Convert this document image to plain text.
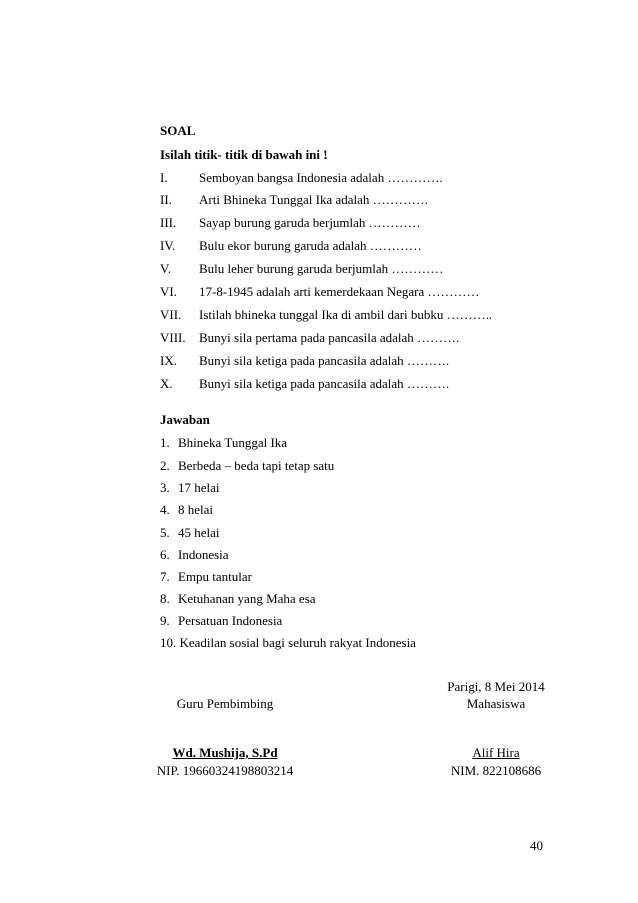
SOAL
Isilah titik- titik di bawah ini !
I. Semboyan bangsa Indonesia adalah ………….
II. Arti Bhineka Tunggal Ika adalah ………….
III. Sayap burung garuda berjumlah …………
IV. Bulu ekor burung garuda adalah …………
V. Bulu leher burung garuda berjumlah …………
VI. 17-8-1945 adalah arti kemerdekaan Negara …………
VII. Istilah bhineka tunggal Ika di ambil dari bubku ………..
VIII. Bunyi sila pertama pada pancasila adalah ……….
IX. Bunyi sila ketiga pada pancasila adalah ……….
X. Bunyi sila ketiga pada pancasila adalah ……….
Jawaban
1. Bhineka Tunggal Ika
2. Berbeda – beda tapi tetap satu
3. 17 helai
4. 8 helai
5. 45 helai
6. Indonesia
7. Empu tantular
8. Ketuhanan yang Maha esa
9. Persatuan Indonesia
10. Keadilan sosial bagi seluruh rakyat Indonesia
Parigi, 8 Mei 2014
Guru Pembimbing	Mahasiswa
Wd. Mushija, S.Pd	Alif Hira
NIP. 19660324198803214	NIM. 822108686
40
